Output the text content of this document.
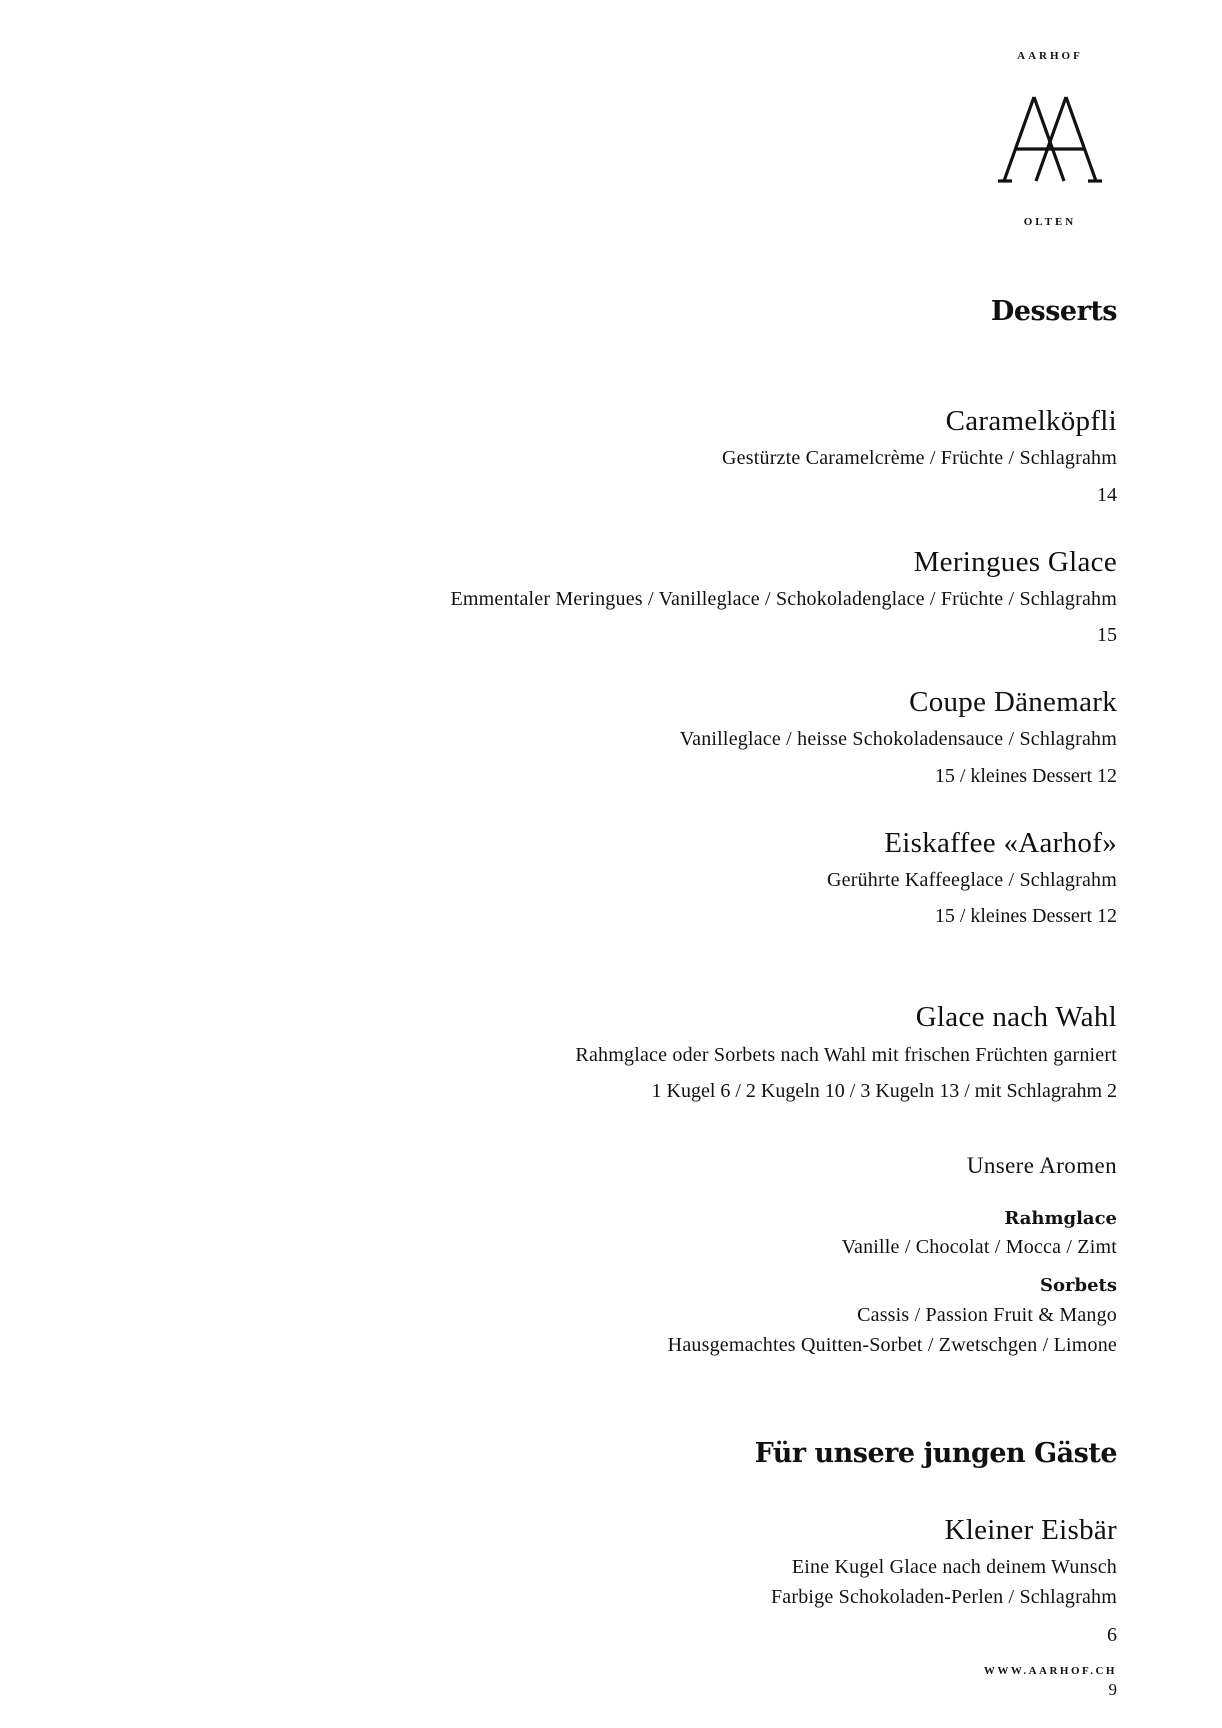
AARHOF
OLTEN
Desserts
Caramelköpfli
Gestürzte Caramelcrème / Früchte / Schlagrahm
14
Meringues Glace
Emmentaler Meringues / Vanilleglace / Schokoladenglace / Früchte / Schlagrahm
15
Coupe Dänemark
Vanilleglace / heisse Schokoladensauce / Schlagrahm
15 / kleines Dessert 12
Eiskaffee «Aarhof»
Gerührte Kaffeeglace / Schlagrahm
15 / kleines Dessert 12
Glace nach Wahl
Rahmglace oder Sorbets nach Wahl mit frischen Früchten garniert
1 Kugel 6 / 2 Kugeln 10 / 3 Kugeln 13 / mit Schlagrahm 2
Unsere Aromen
Rahmglace
Vanille / Chocolat / Mocca / Zimt
Sorbets
Cassis / Passion Fruit & Mango
Hausgemachtes Quitten-Sorbet / Zwetschgen / Limone
Für unsere jungen Gäste
Kleiner Eisbär
Eine Kugel Glace nach deinem Wunsch
Farbige Schokoladen-Perlen / Schlagrahm
6
WWW.AARHOF.CH
9
